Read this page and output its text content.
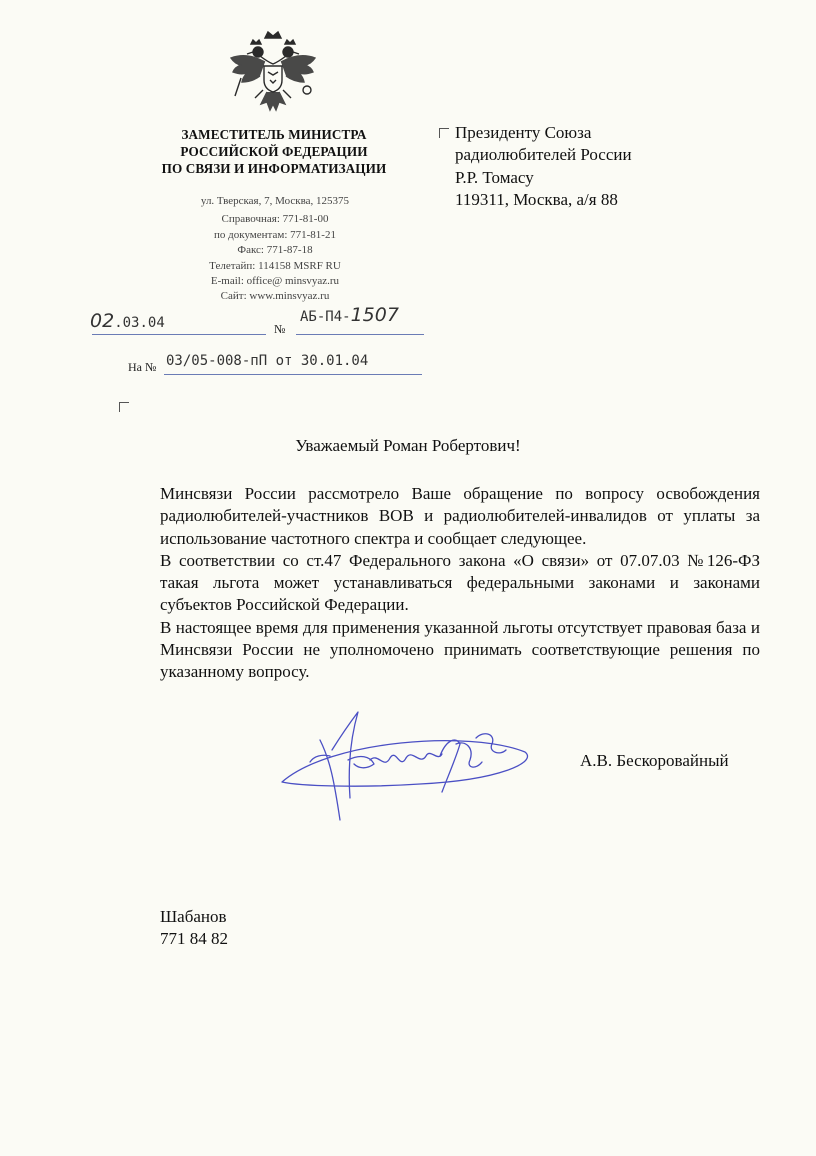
ЗАМЕСТИТЕЛЬ МИНИСТРА
РОССИЙСКОЙ ФЕДЕРАЦИИ
ПО СВЯЗИ И ИНФОРМАТИЗАЦИИ
ул. Тверская, 7, Москва, 125375
Справочная: 771-81-00
по документам: 771-81-21
Факс: 771-87-18
Телетайп: 114158 MSRF RU
E-mail: office@ minsvyaz.ru
Сайт: www.minsvyaz.ru
02.03.04	№
АБ-П4-1507
На № 03/05-008-пП от 30.01.04
Президенту Союза
радиолюбителей России
Р.Р. Томасу
119311, Москва, а/я 88
Уважаемый Роман Робертович!

Минсвязи России рассмотрело Ваше обращение по вопросу освобождения радиолюбителей-участников ВОВ и радиолюбителей-инвалидов от уплаты за использование частотного спектра и сообщает следующее.

В соответствии со ст.47 Федерального закона «О связи» от 07.07.03 №126-ФЗ такая льгота может устанавливаться федеральными законами и законами субъектов Российской Федерации.

В настоящее время для применения указанной льготы отсутствует правовая база и Минсвязи России не уполномочено принимать соответствующие решения по указанному вопросу.

А.В. Бескоровайный
Шабанов
771 84 82
